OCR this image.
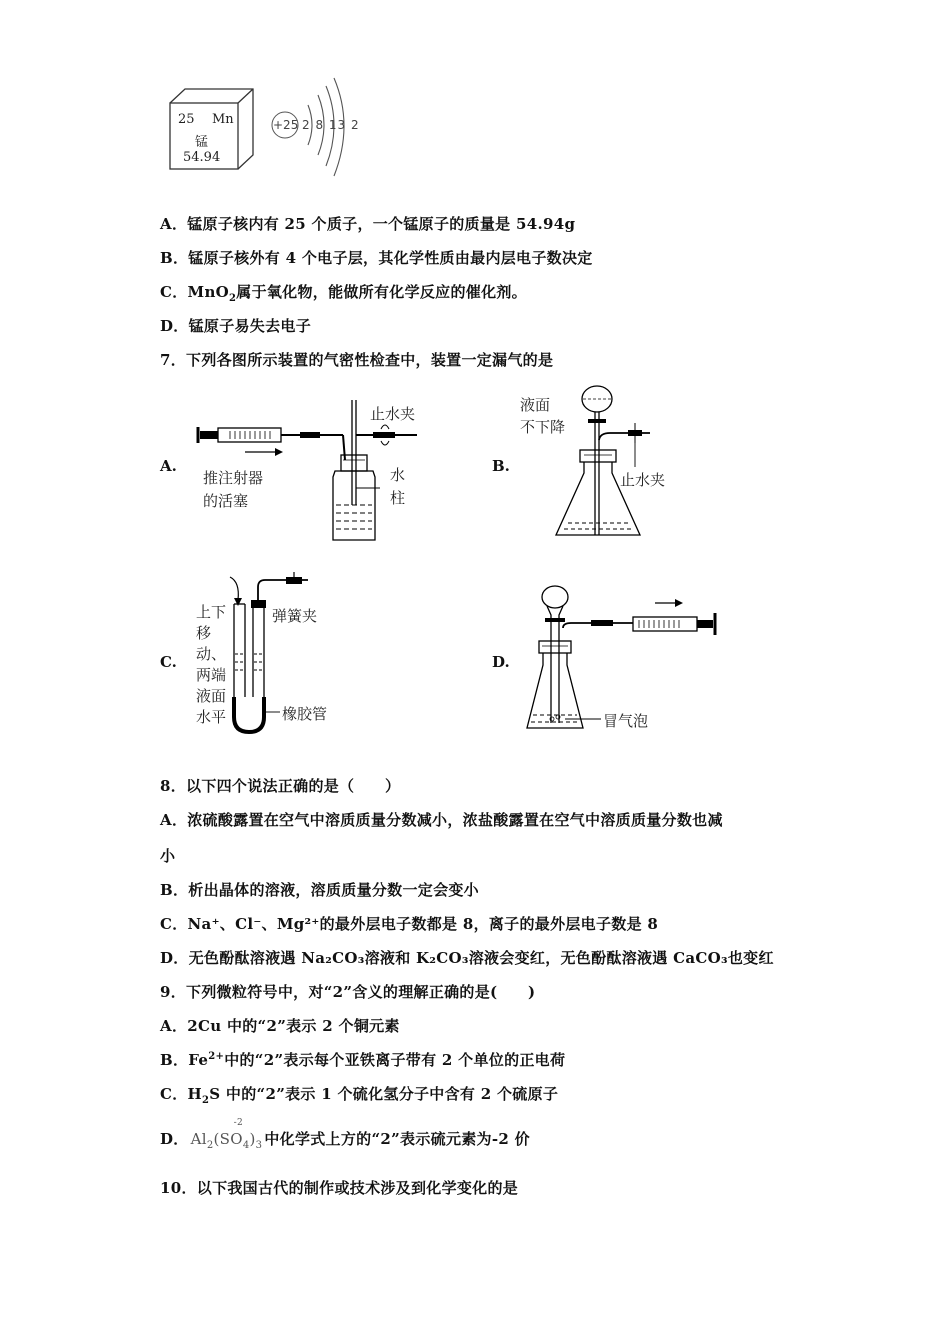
25 Mn
锰
54.94
+25 2 8 13 2
A．锰原子核内有 25 个质子，一个锰原子的质量是 54.94g
B．锰原子核外有 4 个电子层，其化学性质由最内层电子数决定
C．MnO$_2$属于氧化物，能做所有化学反应的催化剂。
D．锰原子易失去电子
7．下列各图所示装置的气密性检查中，装置一定漏气的是
A.	B.
C.	D.
止水夹
推注射器
的活塞
水
柱
液面
不下降
止水夹
上下移动、两端液面水平
弹簧夹
橡胶管	冒气泡
8．以下四个说法正确的是（　　）
A．浓硫酸露置在空气中溶质质量分数减小，浓盐酸露置在空气中溶质质量分数也减
小
B．析出晶体的溶液，溶质质量分数一定会变小
C．Na⁺、Cl⁻、Mg²⁺的最外层电子数都是 8，离子的最外层电子数是 8
D．无色酚酞溶液遇 Na₂CO₃溶液和 K₂CO₃溶液会变红，无色酚酞溶液遇 CaCO₃也变红
9．下列微粒符号中，对“2”含义的理解正确的是(　　)
A．2Cu 中的“2”表示 2 个铜元素
B．$Fe^{2+}$中的“2”表示每个亚铁离子带有 2 个单位的正电荷
C．$H_2S$ 中的“2”表示 1 个硫化氢分子中含有 2 个硫原子
D． $Al_2(SO_4)_3$
-2
中化学式上方的“2”表示硫元素为-2 价
10．以下我国古代的制作或技术涉及到化学变化的是
